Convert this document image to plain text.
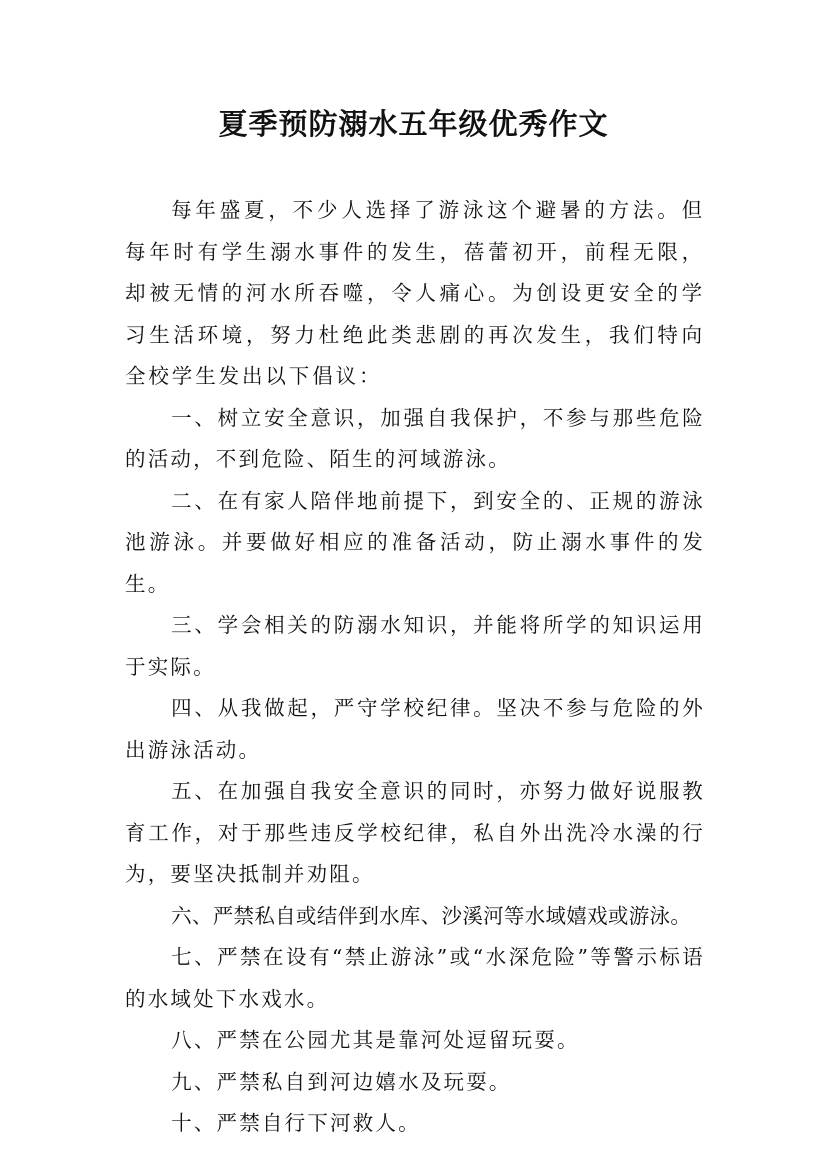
夏季预防溺水五年级优秀作文

每年盛夏，不少人选择了游泳这个避暑的方法。但每年时有学生溺水事件的发生，蓓蕾初开，前程无限，却被无情的河水所吞噬，令人痛心。为创设更安全的学习生活环境，努力杜绝此类悲剧的再次发生，我们特向全校学生发出以下倡议：

一、树立安全意识，加强自我保护，不参与那些危险的活动，不到危险、陌生的河域游泳。

二、在有家人陪伴地前提下，到安全的、正规的游泳池游泳。并要做好相应的准备活动，防止溺水事件的发生。

三、学会相关的防溺水知识，并能将所学的知识运用于实际。

四、从我做起，严守学校纪律。坚决不参与危险的外出游泳活动。

五、在加强自我安全意识的同时，亦努力做好说服教育工作，对于那些违反学校纪律，私自外出洗冷水澡的行为，要坚决抵制并劝阻。

六、严禁私自或结伴到水库、沙溪河等水域嬉戏或游泳。

七、严禁在设有“禁止游泳”或“水深危险”等警示标语的水域处下水戏水。

八、严禁在公园尤其是靠河处逗留玩耍。

九、严禁私自到河边嬉水及玩耍。

十、严禁自行下河救人。
